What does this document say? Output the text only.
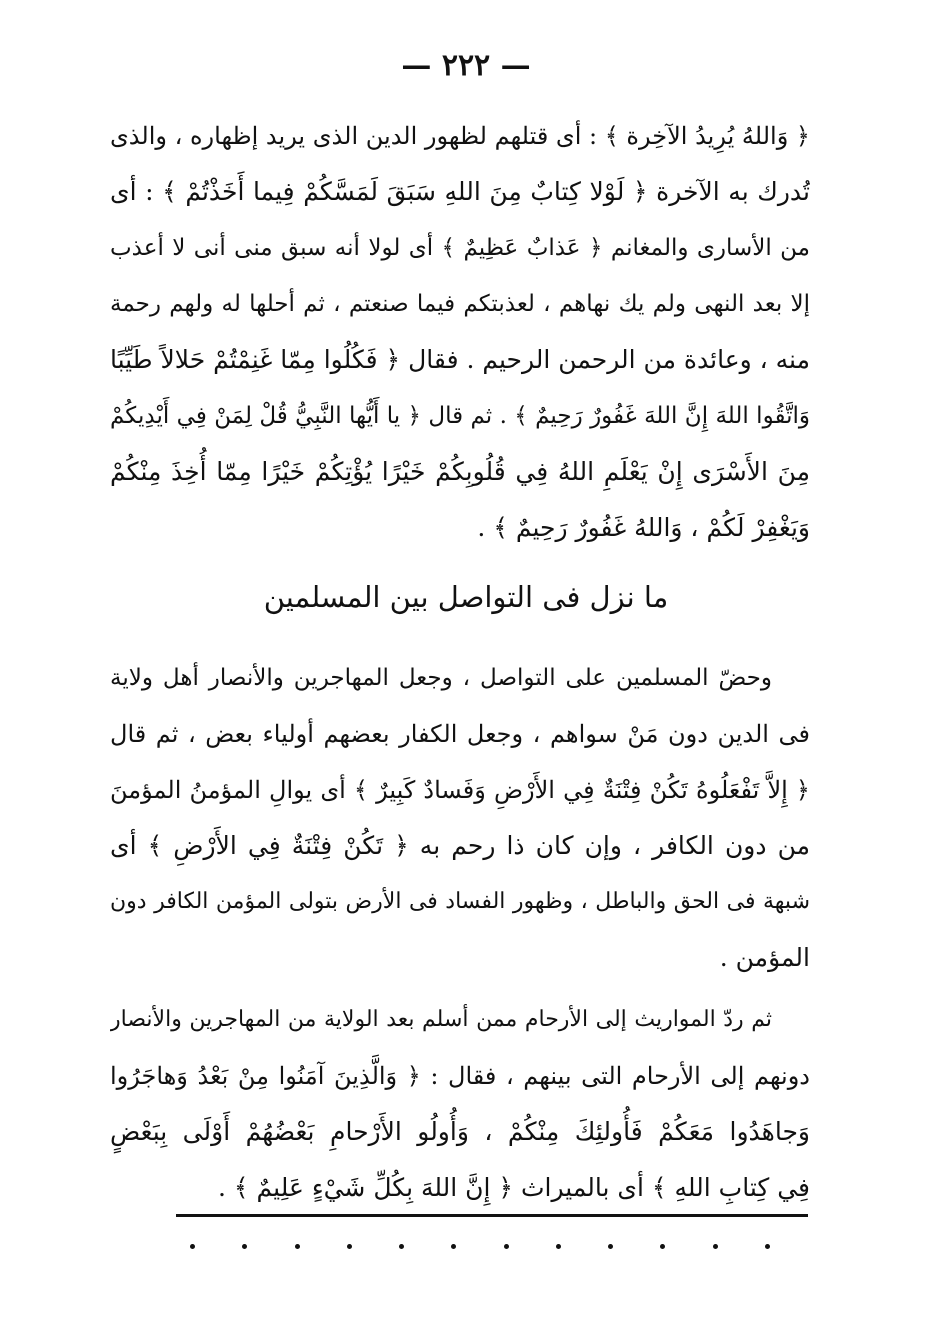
— ٢٢٢ —
﴿ وَاللهُ يُرِيدُ الآخِرة ﴾ : أى قتلهم لظهور الدين الذى يريد إظهاره ، والذى
تُدرك به الآخرة ﴿ لَوْلا كِتابٌ مِنَ اللهِ سَبَقَ لَمَسَّكُمْ فِيما أَخَذْتُمْ ﴾ : أى
من الأسارى والمغانم ﴿ عَذابٌ عَظِيمٌ ﴾ أى لولا أنه سبق منى أنى لا أعذب
إلا بعد النهى ولم يك نهاهم ، لعذبتكم فيما صنعتم ، ثم أحلها له ولهم رحمة
منه ، وعائدة من الرحمن الرحيم . فقال ﴿ فَكُلُوا مِمّا غَنِمْتُمْ حَلالاً طَيِّبًا
وَاتَّقُوا اللهَ إِنَّ اللهَ غَفُورٌ رَحِيمٌ ﴾ . ثم قال ﴿ يا أَيُّها النَّبِيُّ قُلْ لِمَنْ فِي أَيْدِيكُمْ
مِنَ الأَسْرَى إِنْ يَعْلَمِ اللهُ فِي قُلُوبِكُمْ خَيْرًا يُؤْتِكُمْ خَيْرًا مِمّا أُخِذَ مِنْكُمْ
وَيَغْفِرْ لَكُمْ ، وَاللهُ غَفُورٌ رَحِيمٌ ﴾ .
ما نزل فى التواصل بين المسلمين
وحضّ المسلمين على التواصل ، وجعل المهاجرين والأنصار أهل ولاية
فى الدين دون مَنْ سواهم ، وجعل الكفار بعضهم أولياء بعض ، ثم قال
﴿ إِلاَّ تَفْعَلُوهُ تَكُنْ فِتْنَةٌ فِي الأَرْضِ وَفَسادٌ كَبِيرٌ ﴾ أى يوالِ المؤمنُ المؤمنَ
من دون الكافر ، وإن كان ذا رحم به ﴿ تَكُنْ فِتْنَةٌ فِي الأَرْضِ ﴾ أى
شبهة فى الحق والباطل ، وظهور الفساد فى الأرض بتولى المؤمن الكافر دون
المؤمن .
ثم ردّ المواريث إلى الأرحام ممن أسلم بعد الولاية من المهاجرين والأنصار
دونهم إلى الأرحام التى بينهم ، فقال : ﴿ وَالَّذِينَ آمَنُوا مِنْ بَعْدُ وَهاجَرُوا
وَجاهَدُوا مَعَكُمْ فَأُولئِكَ مِنْكُمْ ، وَأُولُو الأَرْحامِ بَعْضُهُمْ أَوْلَى بِبَعْضٍ
فِي كِتابِ اللهِ ﴾ أى بالميراث ﴿ إِنَّ اللهَ بِكُلِّ شَيْءٍ عَلِيمٌ ﴾ .
